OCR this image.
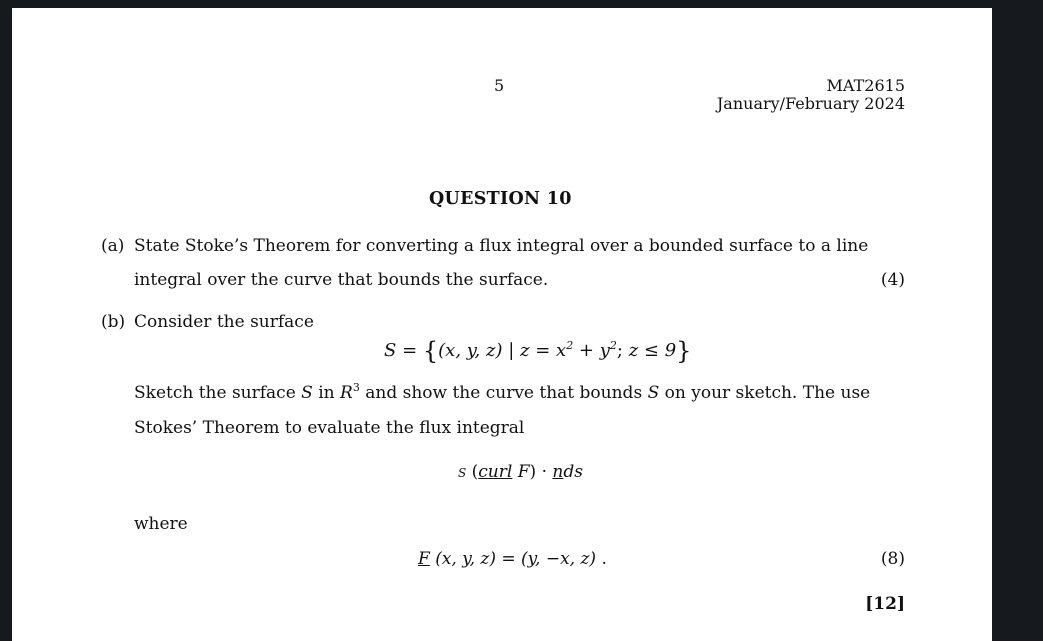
5	MAT2615
January/February 2024
QUESTION 10
(a) State Stoke’s Theorem for converting a flux integral over a bounded surface to a line
integral over the curve that bounds the surface.	(4)
(b) Consider the surface
S = {(x, y, z) | $z = x^2 + y^2$; z ≤ 9}
Sketch the surface S in $R^3$ and show the curve that bounds S on your sketch. The use
Stokes’ Theorem to evaluate the flux integral
S (curl F) · nds
where
F (x, y, z) = (y, −x, z) .	(8)
[12]
